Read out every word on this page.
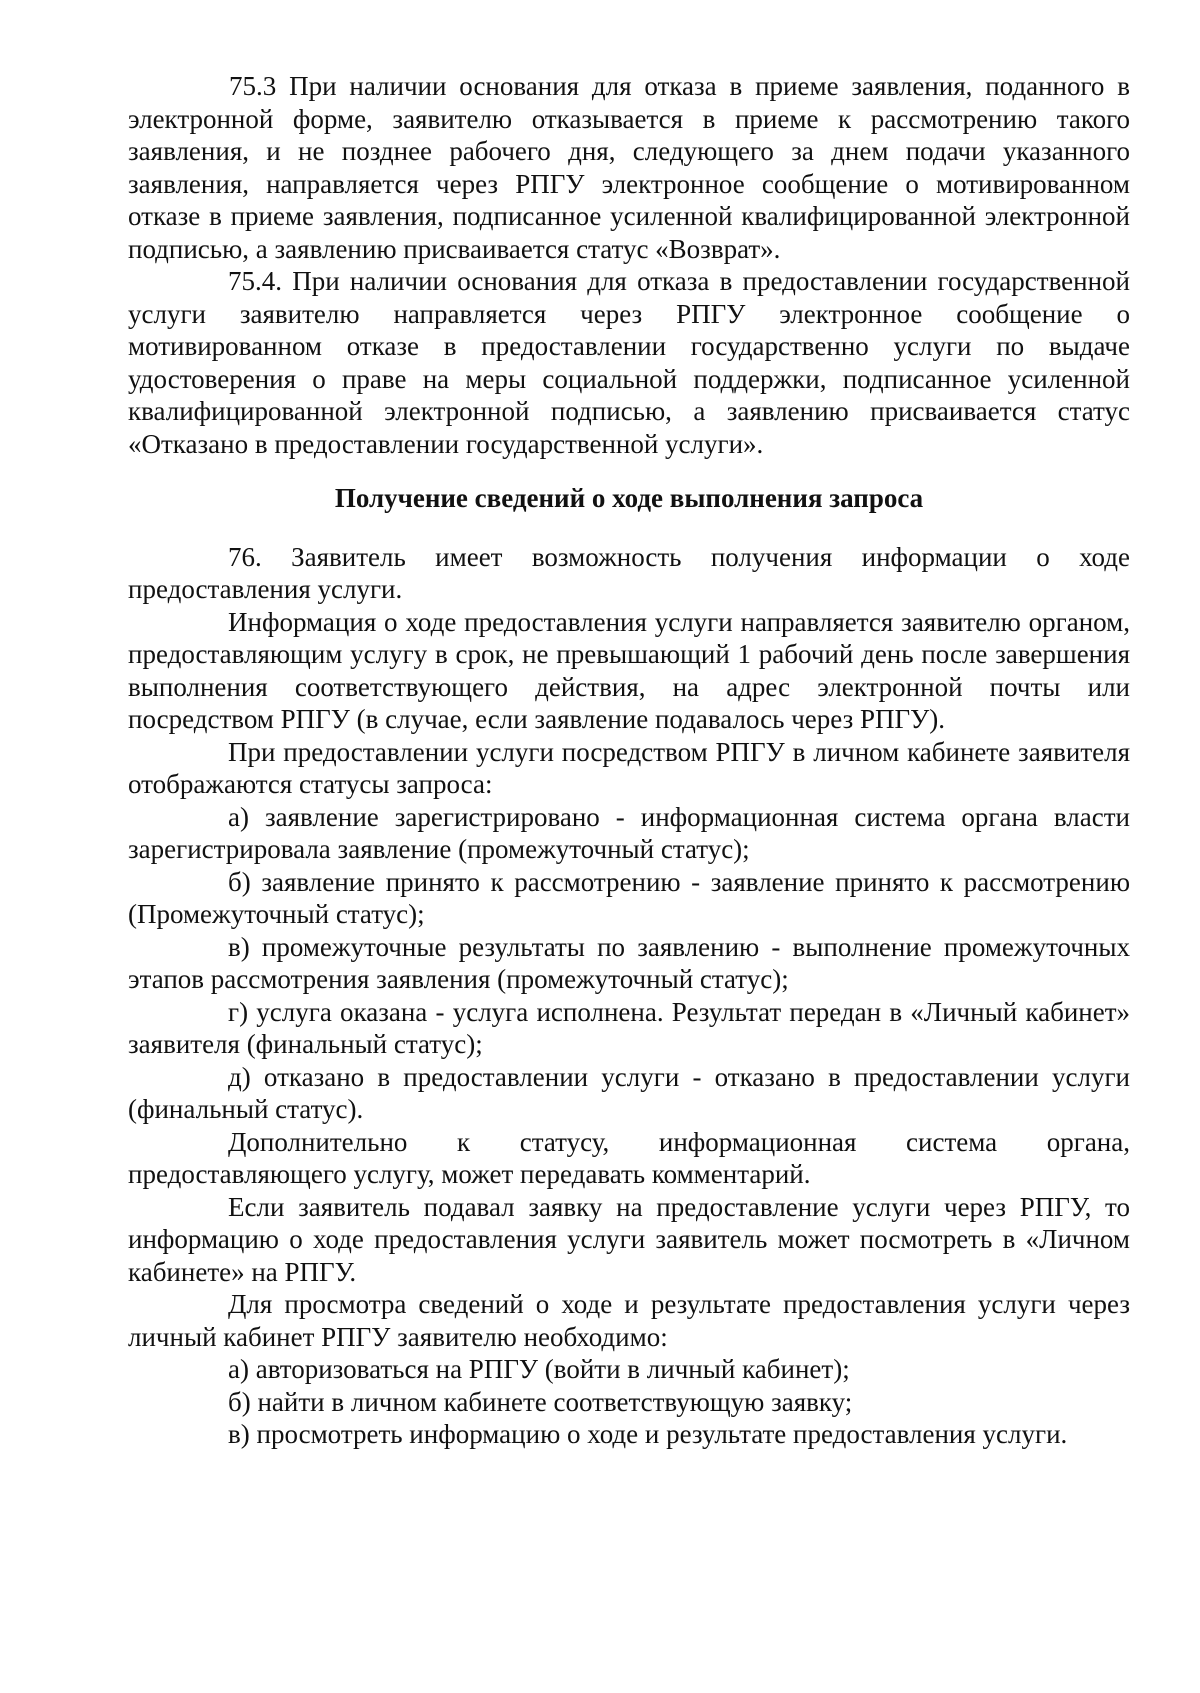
75.3 При наличии основания для отказа в приеме заявления, поданного в электронной форме, заявителю отказывается в приеме к рассмотрению такого заявления, и не позднее рабочего дня, следующего за днем подачи указанного заявления, направляется через РПГУ электронное сообщение о мотивированном отказе в приеме заявления, подписанное усиленной квалифицированной электронной подписью, а заявлению присваивается статус «Возврат».

75.4. При наличии основания для отказа в предоставлении государственной услуги заявителю направляется через РПГУ электронное сообщение о мотивированном отказе в предоставлении государственно услуги по выдаче удостоверения о праве на меры социальной поддержки, подписанное усиленной квалифицированной электронной подписью, а заявлению присваивается статус «Отказано в предоставлении государственной услуги».

Получение сведений о ходе выполнения запроса

76. Заявитель имеет возможность получения информации о ходе предоставления услуги.

Информация о ходе предоставления услуги направляется заявителю органом, предоставляющим услугу в срок, не превышающий 1 рабочий день после завершения выполнения соответствующего действия, на адрес электронной почты или посредством РПГУ (в случае, если заявление подавалось через РПГУ).

При предоставлении услуги посредством РПГУ в личном кабинете заявителя отображаются статусы запроса:

а) заявление зарегистрировано - информационная система органа власти зарегистрировала заявление (промежуточный статус);

б) заявление принято к рассмотрению - заявление принято к рассмотрению (Промежуточный статус);

в) промежуточные результаты по заявлению - выполнение промежуточных этапов рассмотрения заявления (промежуточный статус);

г) услуга оказана - услуга исполнена. Результат передан в «Личный кабинет» заявителя (финальный статус);

д) отказано в предоставлении услуги - отказано в предоставлении услуги (финальный статус).

Дополнительно к статусу, информационная система органа, предоставляющего услугу, может передавать комментарий.

Если заявитель подавал заявку на предоставление услуги через РПГУ, то информацию о ходе предоставления услуги заявитель может посмотреть в «Личном кабинете» на РПГУ.

Для просмотра сведений о ходе и результате предоставления услуги через личный кабинет РПГУ заявителю необходимо:

а) авторизоваться на РПГУ (войти в личный кабинет);

б) найти в личном кабинете соответствующую заявку;

в) просмотреть информацию о ходе и результате предоставления услуги.
